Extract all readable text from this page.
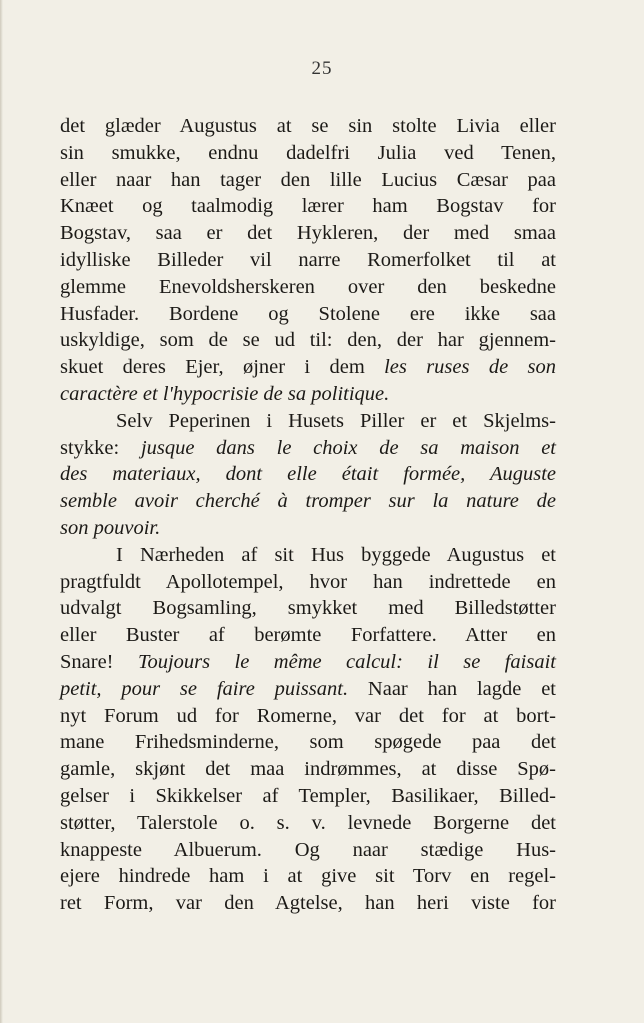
25
det glæder Augustus at se sin stolte Livia eller
sin smukke, endnu dadelfri Julia ved Tenen,
eller naar han tager den lille Lucius Cæsar paa
Knæet og taalmodig lærer ham Bogstav for
Bogstav, saa er det Hykleren, der med smaa
idylliske Billeder vil narre Romerfolket til at
glemme Enevoldsherskeren over den beskedne
Husfader. Bordene og Stolene ere ikke saa
uskyldige, som de se ud til: den, der har gjennem-
skuet deres Ejer, øjner i dem les ruses de son
caractère et l'hypocrisie de sa politique.
Selv Peperinen i Husets Piller er et Skjelms-
stykke: jusque dans le choix de sa maison et
des materiaux, dont elle était formée, Auguste
semble avoir cherché à tromper sur la nature de
son pouvoir.
I Nærheden af sit Hus byggede Augustus et
pragtfuldt Apollotempel, hvor han indrettede en
udvalgt Bogsamling, smykket med Billedstøtter
eller Buster af berømte Forfattere. Atter en
Snare! Toujours le même calcul: il se faisait
petit, pour se faire puissant. Naar han lagde et
nyt Forum ud for Romerne, var det for at bort-
mane Frihedsminderne, som spøgede paa det
gamle, skjønt det maa indrømmes, at disse Spø-
gelser i Skikkelser af Templer, Basilikaer, Billed-
støtter, Talerstole o. s. v. levnede Borgerne det
knappeste Albuerum. Og naar stædige Hus-
ejere hindrede ham i at give sit Torv en regel-
ret Form, var den Agtelse, han heri viste for
